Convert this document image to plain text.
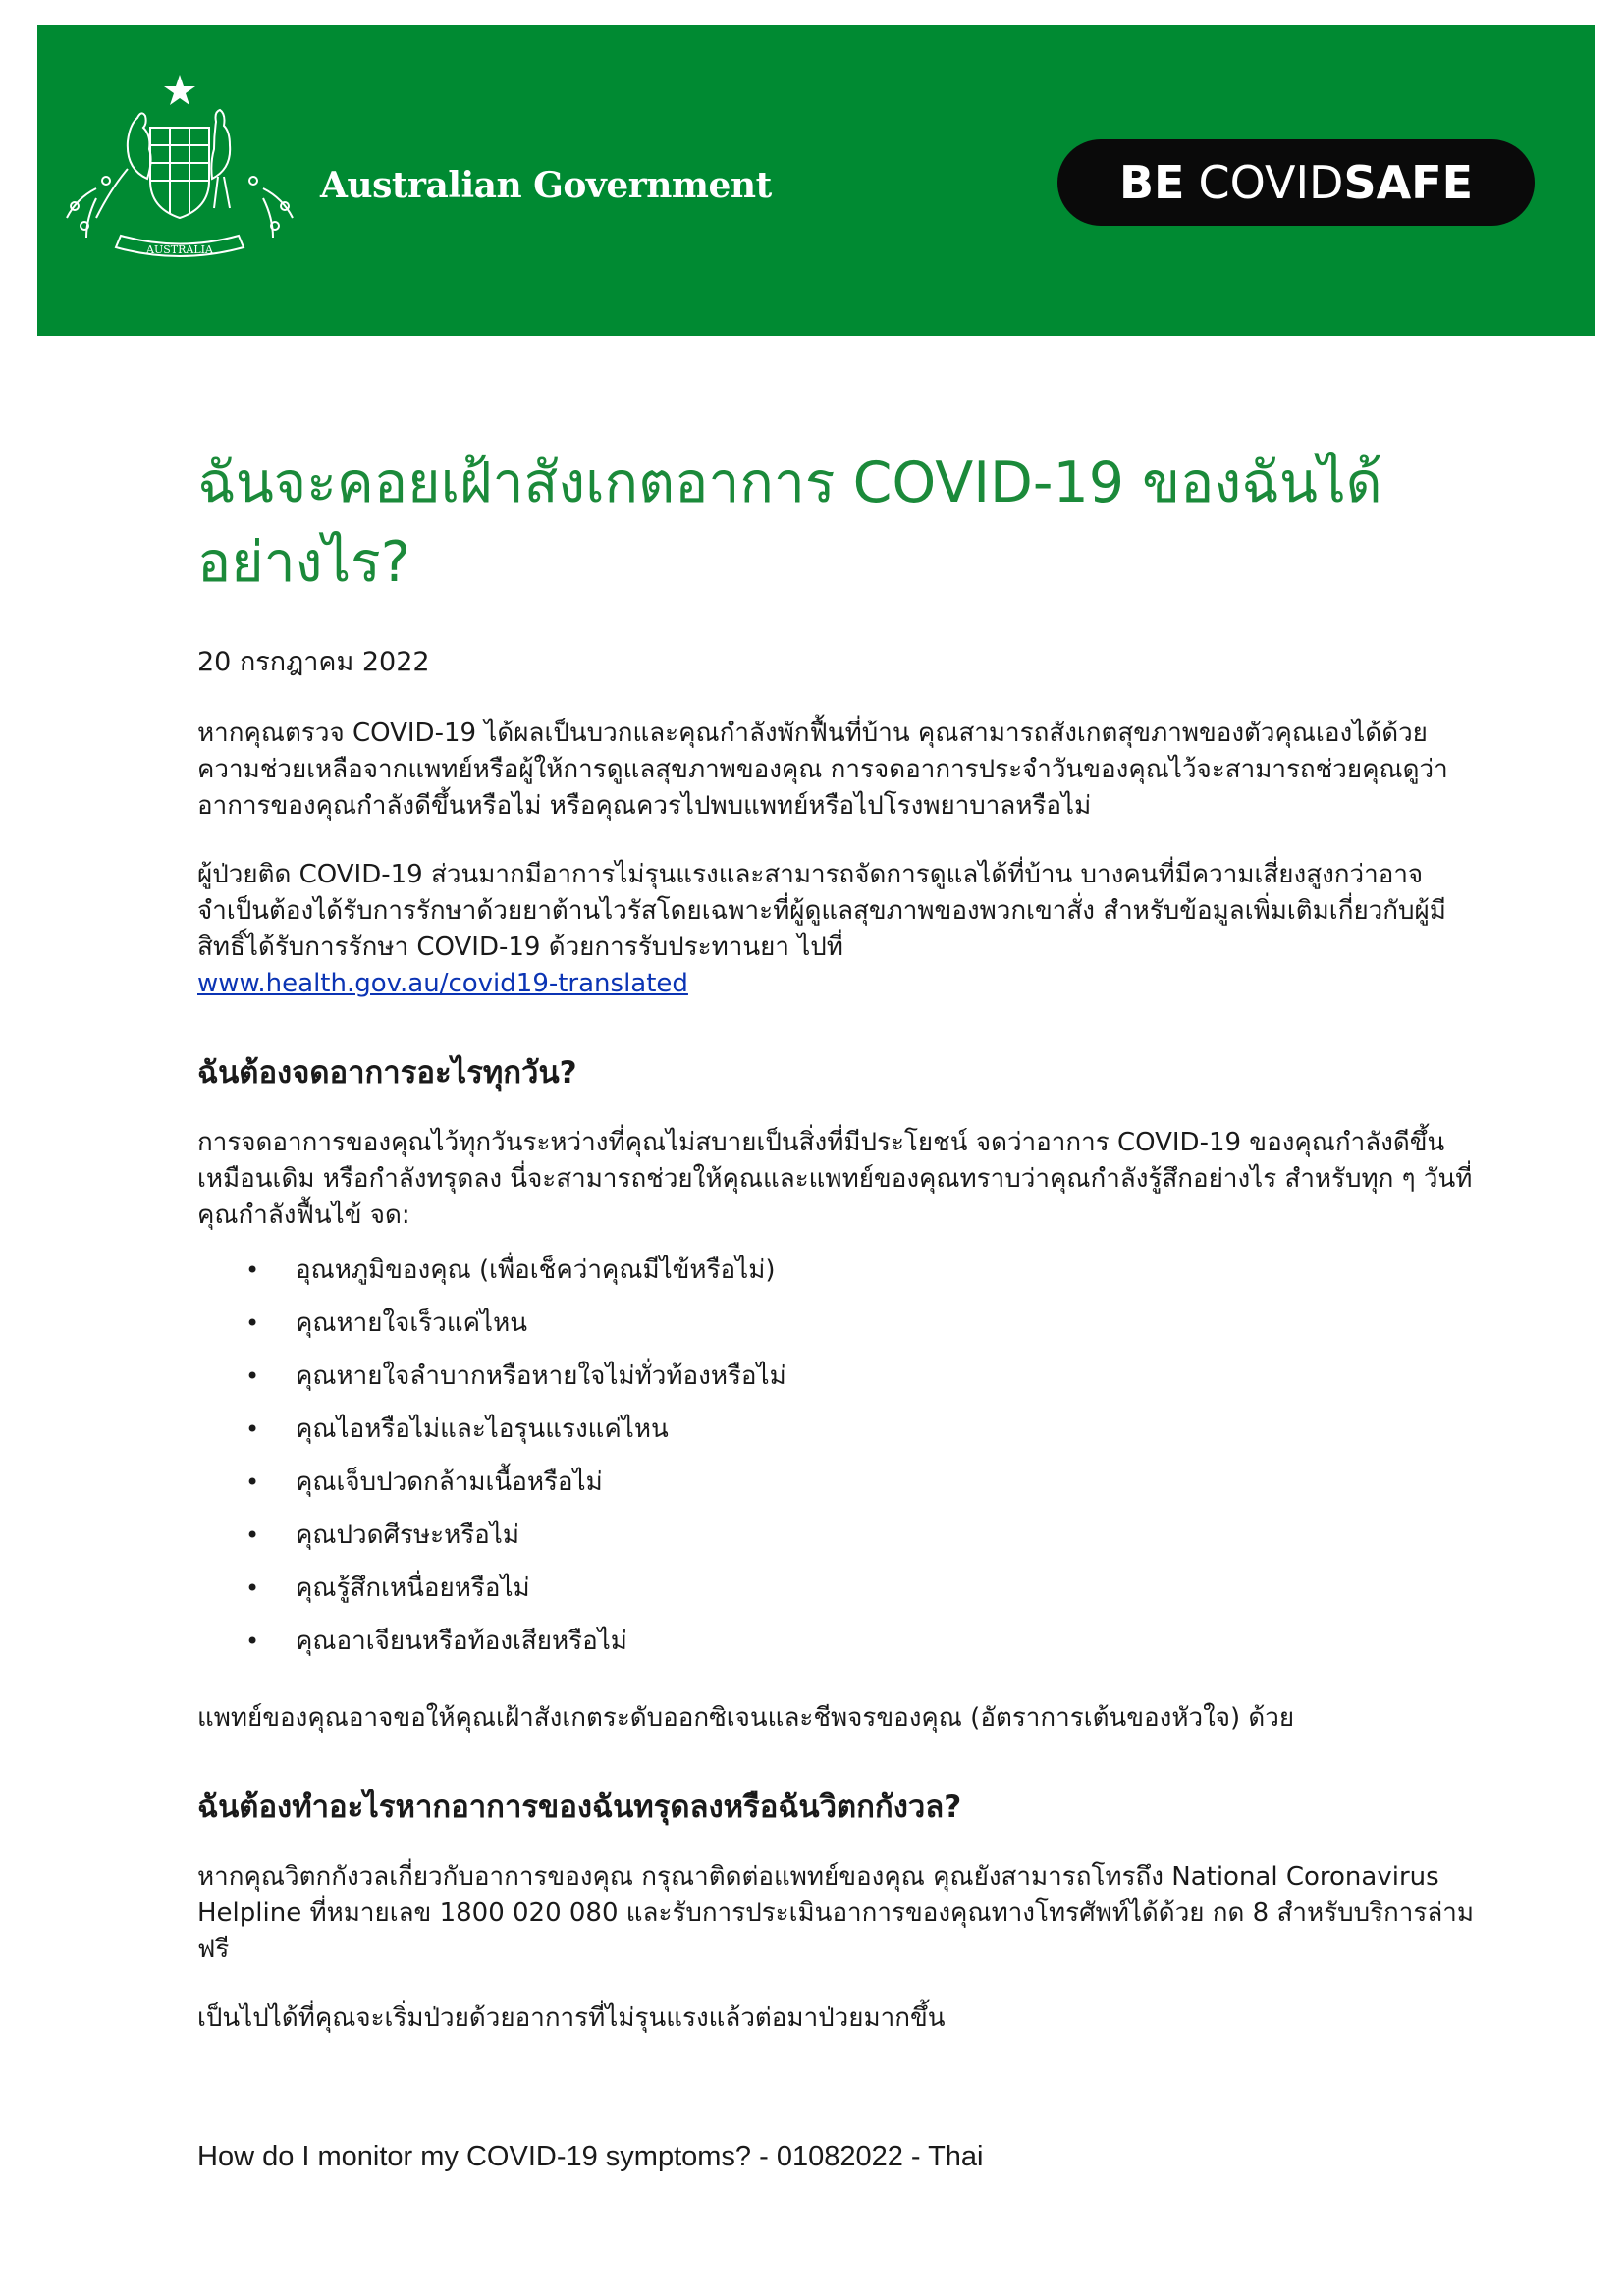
AUSTRALIA
Australian Government	BE COVID SAFE
ฉันจะคอยเฝ้าสังเกตอาการ COVID-19 ของฉันได้อย่างไร?
20 กรกฎาคม 2022

หากคุณตรวจ COVID-19 ได้ผลเป็นบวกและคุณกำลังพักฟื้นที่บ้าน คุณสามารถสังเกตสุขภาพของตัวคุณเองได้ด้วยความช่วยเหลือจากแพทย์หรือผู้ให้การดูแลสุขภาพของคุณ การจดอาการประจำวันของคุณไว้จะสามารถช่วยคุณดูว่าอาการของคุณกำลังดีขึ้นหรือไม่ หรือคุณควรไปพบแพทย์หรือไปโรงพยาบาลหรือไม่

ผู้ป่วยติด COVID-19 ส่วนมากมีอาการไม่รุนแรงและสามารถจัดการดูแลได้ที่บ้าน บางคนที่มีความเสี่ยงสูงกว่าอาจจำเป็นต้องได้รับการรักษาด้วยยาต้านไวรัสโดยเฉพาะที่ผู้ดูแลสุขภาพของพวกเขาสั่ง สำหรับข้อมูลเพิ่มเติมเกี่ยวกับผู้มีสิทธิ์ได้รับการรักษา COVID-19 ด้วยการรับประทานยา ไปที่
www.health.gov.au/covid19-translated

ฉันต้องจดอาการอะไรทุกวัน?

การจดอาการของคุณไว้ทุกวันระหว่างที่คุณไม่สบายเป็นสิ่งที่มีประโยชน์ จดว่าอาการ COVID-19 ของคุณกำลังดีขึ้น เหมือนเดิม หรือกำลังทรุดลง นี่จะสามารถช่วยให้คุณและแพทย์ของคุณทราบว่าคุณกำลังรู้สึกอย่างไร สำหรับทุก ๆ วันที่คุณกำลังฟื้นไข้ จด:

• อุณหภูมิของคุณ (เพื่อเช็คว่าคุณมีไข้หรือไม่)
• คุณหายใจเร็วแค่ไหน
• คุณหายใจลำบากหรือหายใจไม่ทั่วท้องหรือไม่
• คุณไอหรือไม่และไอรุนแรงแค่ไหน
• คุณเจ็บปวดกล้ามเนื้อหรือไม่
• คุณปวดศีรษะหรือไม่
• คุณรู้สึกเหนื่อยหรือไม่
• คุณอาเจียนหรือท้องเสียหรือไม่

แพทย์ของคุณอาจขอให้คุณเฝ้าสังเกตระดับออกซิเจนและชีพจรของคุณ (อัตราการเต้นของหัวใจ) ด้วย

ฉันต้องทำอะไรหากอาการของฉันทรุดลงหรือฉันวิตกกังวล?

หากคุณวิตกกังวลเกี่ยวกับอาการของคุณ กรุณาติดต่อแพทย์ของคุณ คุณยังสามารถโทรถึง National Coronavirus Helpline ที่หมายเลข 1800 020 080 และรับการประเมินอาการของคุณทางโทรศัพท์ได้ด้วย กด 8 สำหรับบริการล่ามฟรี

เป็นไปได้ที่คุณจะเริ่มป่วยด้วยอาการที่ไม่รุนแรงแล้วต่อมาป่วยมากขึ้น

How do I monitor my COVID-19 symptoms? - 01082022 - Thai
